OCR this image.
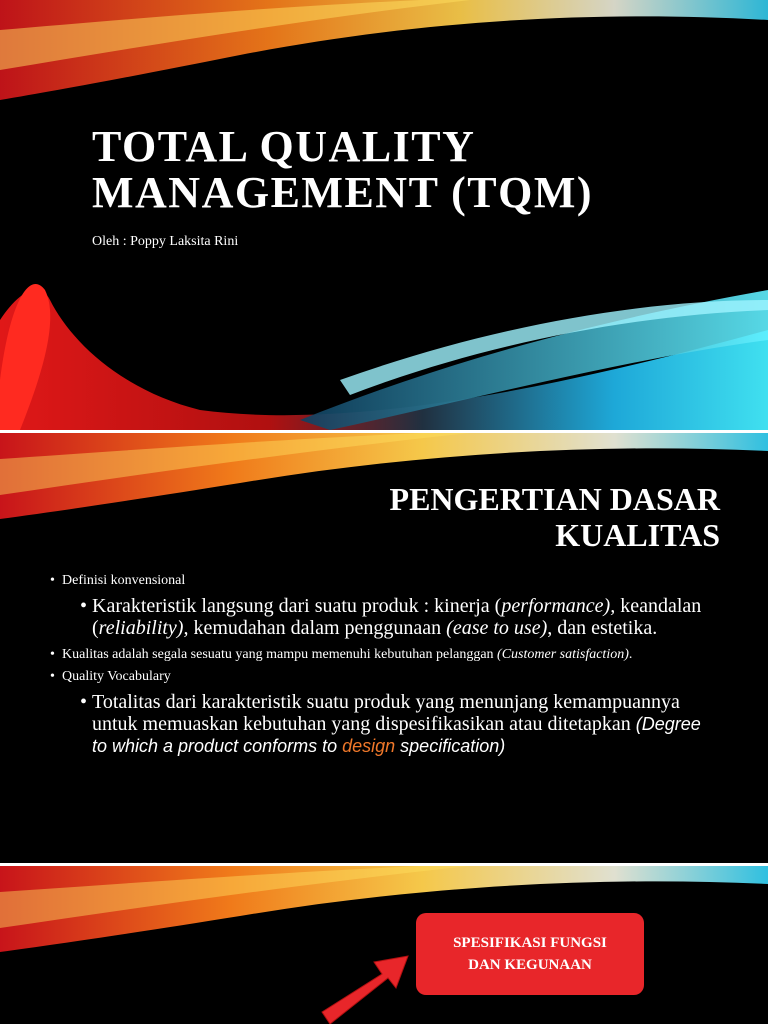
TOTAL QUALITY
MANAGEMENT (TQM)
Oleh : Poppy Laksita Rini
PENGERTIAN DASAR
KUALITAS
• Definisi konvensional
• Karakteristik langsung dari suatu produk : kinerja (performance), keandalan (reliability), kemudahan dalam penggunaan (ease to use), dan estetika.
• Kualitas adalah segala sesuatu yang mampu memenuhi kebutuhan pelanggan (Customer satisfaction).
• Quality Vocabulary
• Totalitas dari karakteristik suatu produk yang menunjang kemampuannya untuk memuaskan kebutuhan yang dispesifikasikan atau ditetapkan (Degree to which a product conforms to design specification)
SPESIFIKASI FUNGSI
DAN KEGUNAAN
